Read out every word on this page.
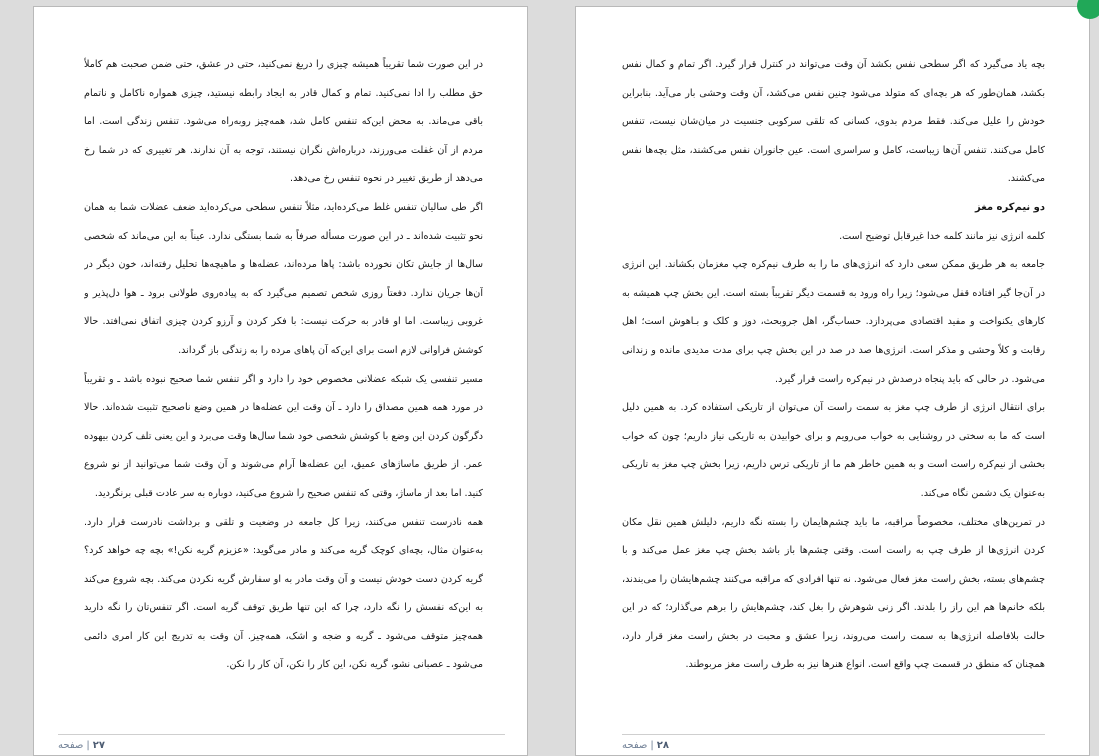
در این صورت شما تقریباً همیشه چیزی را دریغ نمی‌کنید، حتی در عشق، حتی ضمن صحبت هم کاملاً حق مطلب را ادا نمی‌کنید. تمام و کمال قادر به ایجاد رابطه نیستید، چیزی همواره ناکامل و ناتمام باقی می‌ماند. به محض این‌که تنفس کامل شد، همه‌چیز روبه‌راه می‌شود. تنفس زندگی است. اما مردم از آن غفلت می‌ورزند، درباره‌اش نگران نیستند، توجه به آن ندارند. هر تغییری که در شما رخ می‌دهد از طریق تغییر در نحوه تنفس رخ می‌دهد.

اگر طی سالیان تنفس غلط می‌کرده‌اید، مثلاً تنفس سطحی می‌کرده‌اید ضعف عضلات شما به همان نحو تثبیت شده‌اند ـ در این صورت مسأله صرفاً به شما بستگی ندارد. عیناً به این می‌ماند که شخصی سال‌ها از جایش تکان نخورده باشد: پاها مرده‌اند، عضله‌ها و ماهیچه‌ها تحلیل رفته‌اند، خون دیگر در آن‌ها جریان ندارد. دفعتاً روزی شخص تصمیم می‌گیرد که به پیاده‌روی طولانی برود ـ هوا دل‌پذیر و غروبی زیباست. اما او قادر به حرکت نیست: با فکر کردن و آرزو کردن چیزی اتفاق نمی‌افتد. حالا کوشش فراوانی لازم است برای این‌که آن پاهای مرده را به زندگی باز گرداند.

مسیر تنفسی یک شبکه عضلانی مخصوص خود را دارد و اگر تنفس شما صحیح نبوده باشد ـ و تقریباً در مورد همه همین مصداق را دارد ـ آن وقت این عضله‌ها در همین وضع ناصحیح تثبیت شده‌اند. حالا دگرگون کردن این وضع با کوشش شخصی خود شما سال‌ها وقت می‌برد و این یعنی تلف کردن بیهوده عمر. از طریق ماساژهای عمیق، این عضله‌ها آرام می‌شوند و آن وقت شما می‌توانید از نو شروع کنید. اما بعد از ماساژ، وقتی که تنفس صحیح را شروع می‌کنید، دوباره به سر عادت قبلی برنگردید.

همه نادرست تنفس می‌کنند، زیرا کل جامعه در وضعیت و تلقی و برداشت نادرست قرار دارد. به‌عنوان مثال، بچه‌ای کوچک گریه می‌کند و مادر می‌گوید: «عزیزم گریه نکن!» بچه چه خواهد کرد؟ گریه کردن دست خودش نیست و آن وقت مادر به او سفارش گریه نکردن می‌کند. بچه شروع می‌کند به این‌که نفسش را نگه دارد، چرا که این تنها طریق توقف گریه است. اگر تنفس‌تان را نگه دارید همه‌چیز متوقف می‌شود ـ گریه و ضجه و اشک، همه‌چیز. آن وقت به تدریج این کار امری دائمی می‌شود ـ عصبانی نشو، گریه نکن، این کار را نکن، آن کار را نکن.

۲۷|صفحه

بچه یاد می‌گیرد که اگر سطحی نفس بکشد آن وقت می‌تواند در کنترل قرار گیرد. اگر تمام و کمال نفس بکشد، همان‌طور که هر بچه‌ای که متولد می‌شود چنین نفس می‌کشد، آن وقت وحشی بار می‌آید. بنابراین خودش را علیل می‌کند. فقط مردم بدوی، کسانی که تلقی سرکوبی جنسیت در میان‌شان نیست، تنفس کامل می‌کنند. تنفس آن‌ها زیباست، کامل و سراسری است. عین جانوران نفس می‌کشند، مثل بچه‌ها نفس می‌کشند.

دو نیم‌کره مغز

کلمه انرژی نیز مانند کلمه خدا غیرقابل توضیح است.

جامعه به هر طریق ممکن سعی دارد که انرژی‌های ما را به طرف نیم‌کره چپ مغزمان بکشاند. این انرژی در آن‌جا گیر افتاده قفل می‌شود؛ زیرا راه ورود به قسمت دیگر تقریباً بسته است. این بخش چپ همیشه به کارهای یکنواخت و مفید اقتصادی می‌پردازد. حساب‌گر، اهل جروبحث، دوز و کلک و بـاهوش است؛ اهل رقابت و کلاً وحشی و مذکر است. انرژی‌ها صد در صد در این بخش چپ برای مدت مدیدی مانده و زندانی می‌شود. در حالی که باید پنجاه درصدش در نیم‌کره راست قرار گیرد.

برای انتقال انرژی از طرف چپ مغز به سمت راست آن می‌توان از تاریکی استفاده کرد. به همین دلیل است که ما به سختی در روشنایی به خواب می‌رویم و برای خوابیدن به تاریکی نیاز داریم؛ چون که خواب بخشی از نیم‌کره راست است و به همین خاطر هم ما از تاریکی ترس داریم، زیرا بخش چپ مغز به تاریکی به‌عنوان یک دشمن نگاه می‌کند.

در تمرین‌های مختلف، مخصوصاً مراقبه، ما باید چشم‌هایمان را بسته نگه داریم، دلیلش همین نقل مکان کردن انرژی‌ها از طرف چپ به راست است. وقتی چشم‌ها باز باشد بخش چپ مغز عمل می‌کند و با چشم‌های بسته، بخش راست مغز فعال می‌شود. نه تنها افرادی که مراقبه می‌کنند چشم‌هایشان را می‌بندند، بلکه خانم‌ها هم این راز را بلدند. اگر زنی شوهرش را بغل کند، چشم‌هایش را برهم می‌گذارد؛ که در این حالت بلافاصله انرژی‌ها به سمت راست می‌روند، زیرا عشق و محبت در بخش راست مغز قرار دارد، همچنان که منطق در قسمت چپ واقع است. انواع هنرها نیز به طرف راست مغز مربوطند.

۲۸|صفحه
